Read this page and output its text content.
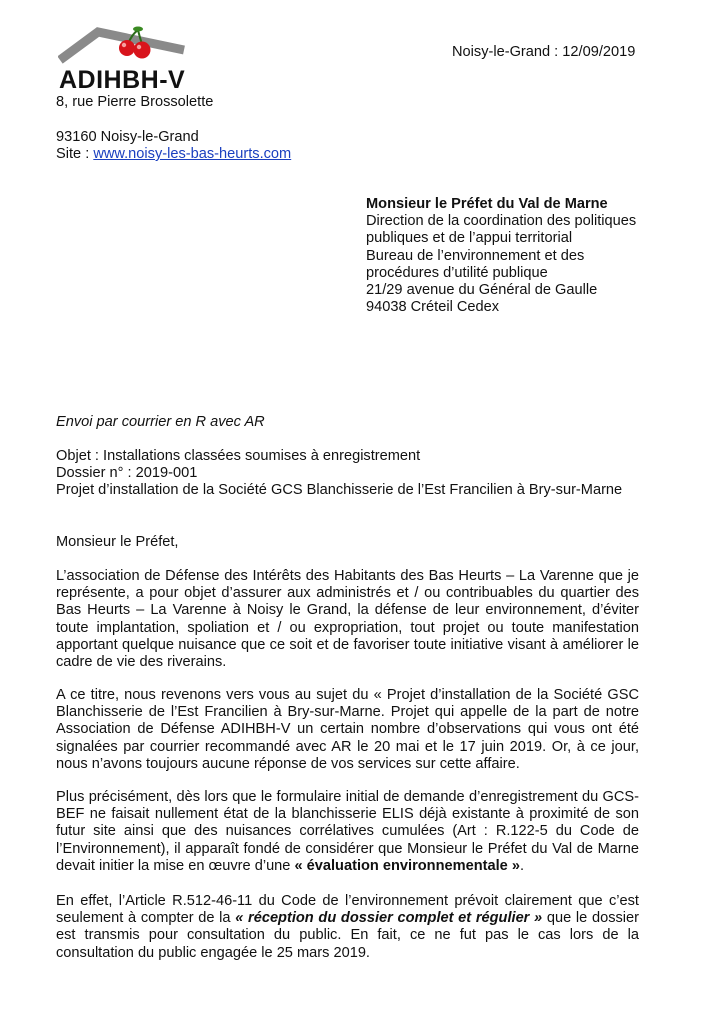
ADIHBH-V
8, rue Pierre Brossolette
93160 Noisy-le-Grand
Site : www.noisy-les-bas-heurts.com
Noisy-le-Grand : 12/09/2019
Monsieur le Préfet du Val de Marne
Direction de la coordination des politiques
publiques et de l’appui territorial
Bureau de l’environnement et des
procédures d’utilité publique
21/29 avenue du Général de Gaulle
94038 Créteil Cedex
Envoi par courrier en R avec AR
Objet : Installations classées soumises à enregistrement
Dossier n° : 2019-001
Projet d’installation de la Société GCS Blanchisserie de l’Est Francilien à Bry-sur-Marne
Monsieur le Préfet,
L’association de Défense des Intérêts des Habitants des Bas Heurts – La Varenne que je représente, a pour objet d’assurer aux administrés et / ou contribuables du quartier des Bas Heurts – La Varenne à Noisy le Grand, la défense de leur environnement, d’éviter toute implantation, spoliation et / ou expropriation, tout projet ou toute manifestation apportant quelque nuisance que ce soit et de favoriser toute initiative visant à améliorer le cadre de vie des riverains.
A ce titre, nous revenons vers vous au sujet du « Projet d’installation de la Société GSC Blanchisserie de l’Est Francilien à Bry-sur-Marne. Projet qui appelle de la part de notre Association de Défense ADIHBH-V un certain nombre d’observations qui vous ont été signalées par courrier recommandé avec AR le 20 mai et le 17 juin 2019. Or, à ce jour, nous n’avons toujours aucune réponse de vos services sur cette affaire.
Plus précisément, dès lors que le formulaire initial de demande d’enregistrement du GCS-BEF ne faisait nullement état de la blanchisserie ELIS déjà existante à proximité de son futur site ainsi que des nuisances corrélatives cumulées (Art : R.122-5 du Code de l’Environnement), il apparaît fondé de considérer que Monsieur le Préfet du Val de Marne devait initier la mise en œuvre d’une « évaluation environnementale ».
En effet, l’Article R.512-46-11 du Code de l’environnement prévoit clairement que c’est seulement à compter de la « réception du dossier complet et régulier » que le dossier est transmis pour consultation du public. En fait, ce ne fut pas le cas lors de la consultation du public engagée le 25 mars 2019.
